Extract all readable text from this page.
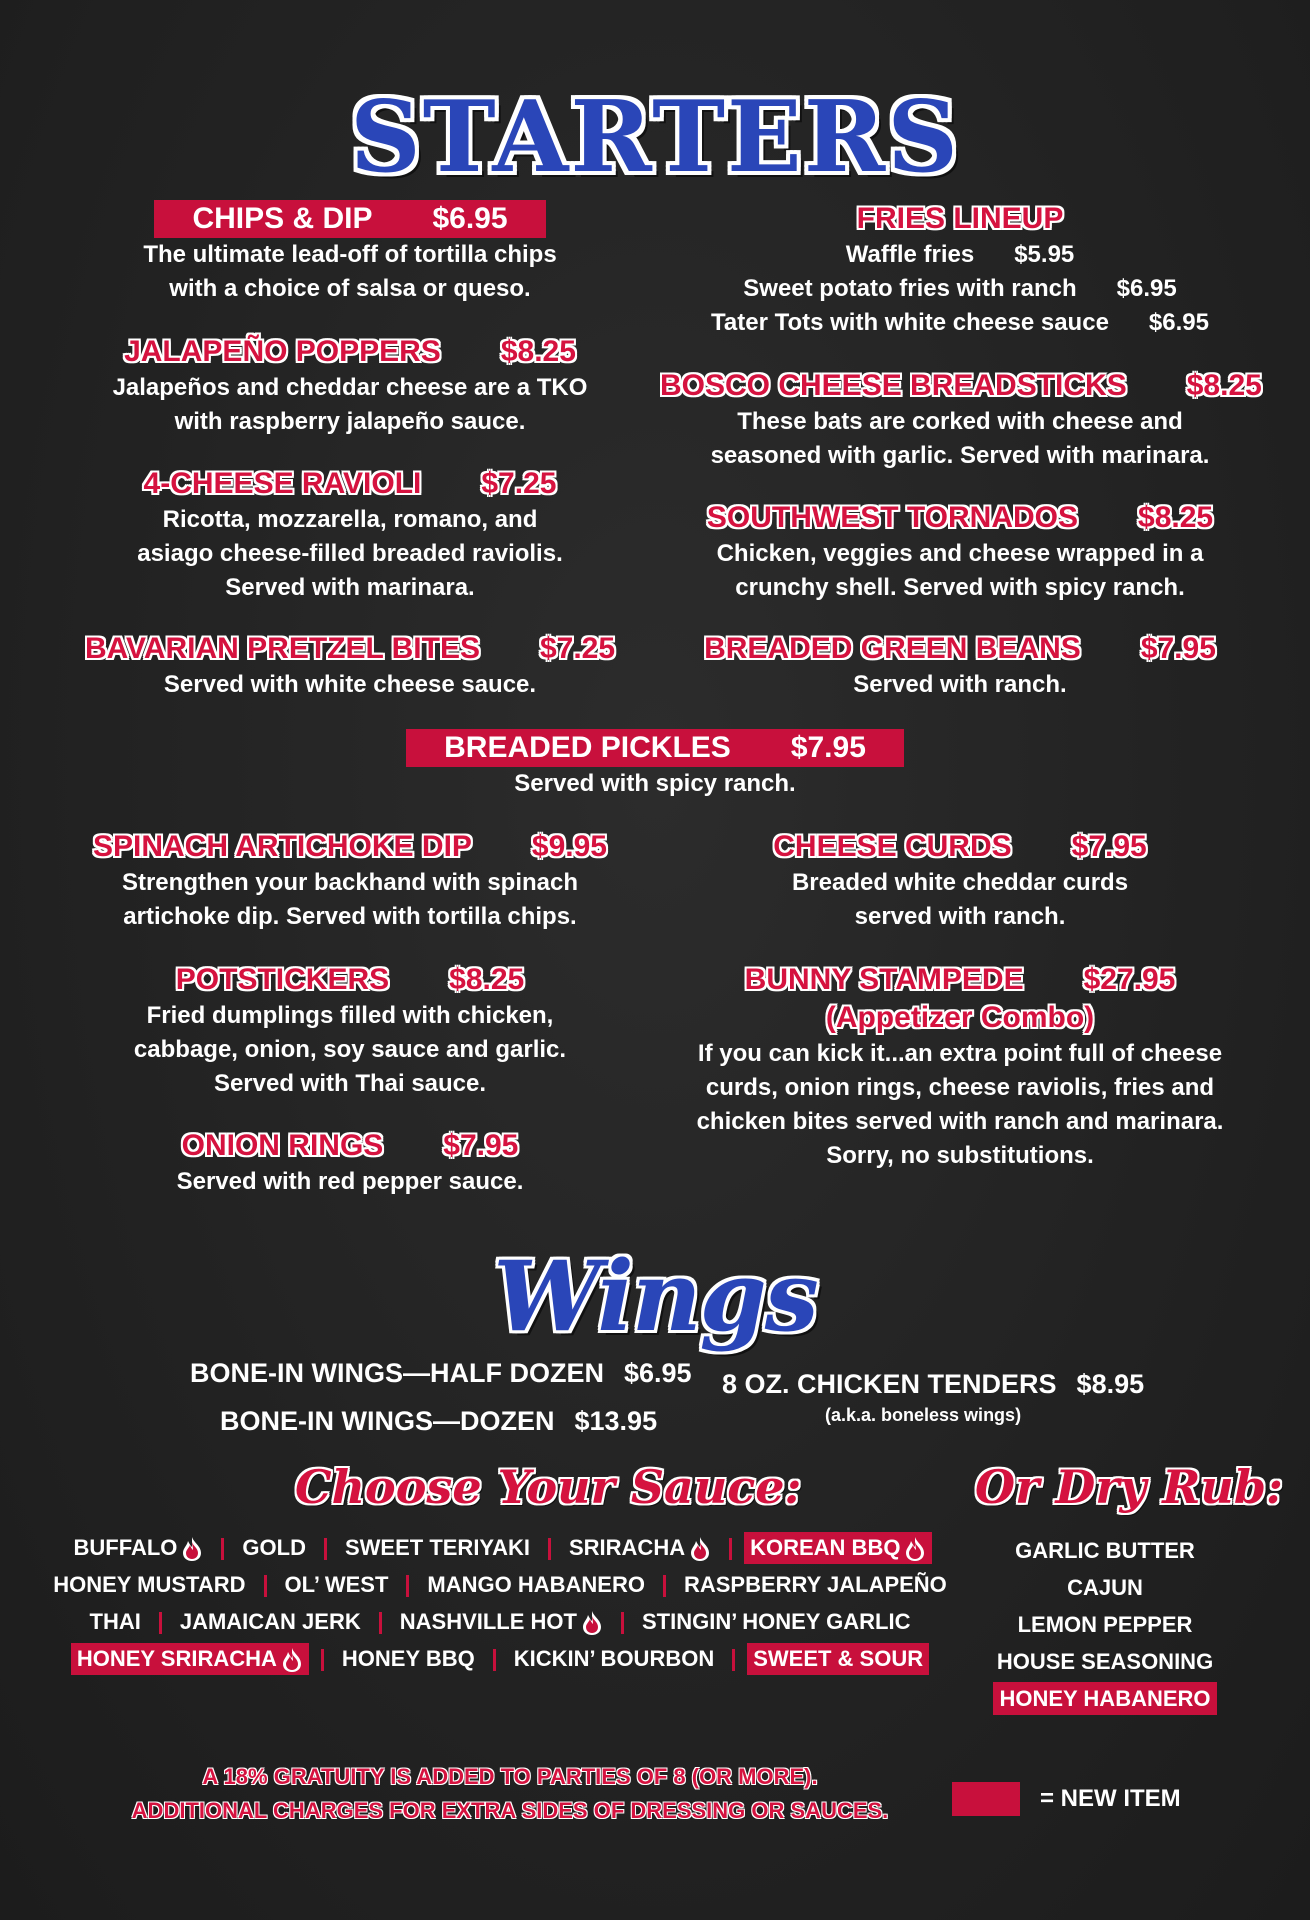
STARTERS
CHIPS & DIP $6.95
The ultimate lead-off of tortilla chips
with a choice of salsa or queso.
JALAPEÑO POPPERS $8.25
Jalapeños and cheddar cheese are a TKO
with raspberry jalapeño sauce.
4-CHEESE RAVIOLI $7.25
Ricotta, mozzarella, romano, and
asiago cheese-filled breaded raviolis.
Served with marinara.
BAVARIAN PRETZEL BITES $7.25
Served with white cheese sauce.
FRIES LINEUP
Waffle fries $5.95
Sweet potato fries with ranch $6.95
Tater Tots with white cheese sauce $6.95
BOSCO CHEESE BREADSTICKS $8.25
These bats are corked with cheese and
seasoned with garlic. Served with marinara.
SOUTHWEST TORNADOS $8.25
Chicken, veggies and cheese wrapped in a
crunchy shell. Served with spicy ranch.
BREADED GREEN BEANS $7.95
Served with ranch.
BREADED PICKLES $7.95
Served with spicy ranch.
SPINACH ARTICHOKE DIP $9.95
Strengthen your backhand with spinach
artichoke dip. Served with tortilla chips.
POTSTICKERS $8.25
Fried dumplings filled with chicken,
cabbage, onion, soy sauce and garlic.
Served with Thai sauce.
ONION RINGS $7.95
Served with red pepper sauce.
CHEESE CURDS $7.95
Breaded white cheddar curds
served with ranch.
BUNNY STAMPEDE $27.95
(Appetizer Combo)
If you can kick it...an extra point full of cheese
curds, onion rings, cheese raviolis, fries and
chicken bites served with ranch and marinara.
Sorry, no substitutions.
Wings
BONE-IN WINGS—HALF DOZEN $6.95
BONE-IN WINGS—DOZEN $13.95
8 OZ. CHICKEN TENDERS $8.95
(a.k.a. boneless wings)
Choose Your Sauce:	Or Dry Rub:
BUFFALO	GOLD SWEET TERIYAKI SRIRACHA	KOREAN BBQ
HONEY MUSTARD OL’ WEST MANGO HABANERO RASPBERRY JALAPEÑO
THAI JAMAICAN JERK NASHVILLE HOT	STINGIN’ HONEY GARLIC
HONEY SRIRACHA	HONEY BBQ KICKIN’ BOURBON SWEET & SOUR
GARLIC BUTTER
CAJUN
LEMON PEPPER
HOUSE SEASONING
HONEY HABANERO
A 18% GRATUITY IS ADDED TO PARTIES OF 8 (OR MORE).
ADDITIONAL CHARGES FOR EXTRA SIDES OF DRESSING OR SAUCES.	= NEW ITEM
